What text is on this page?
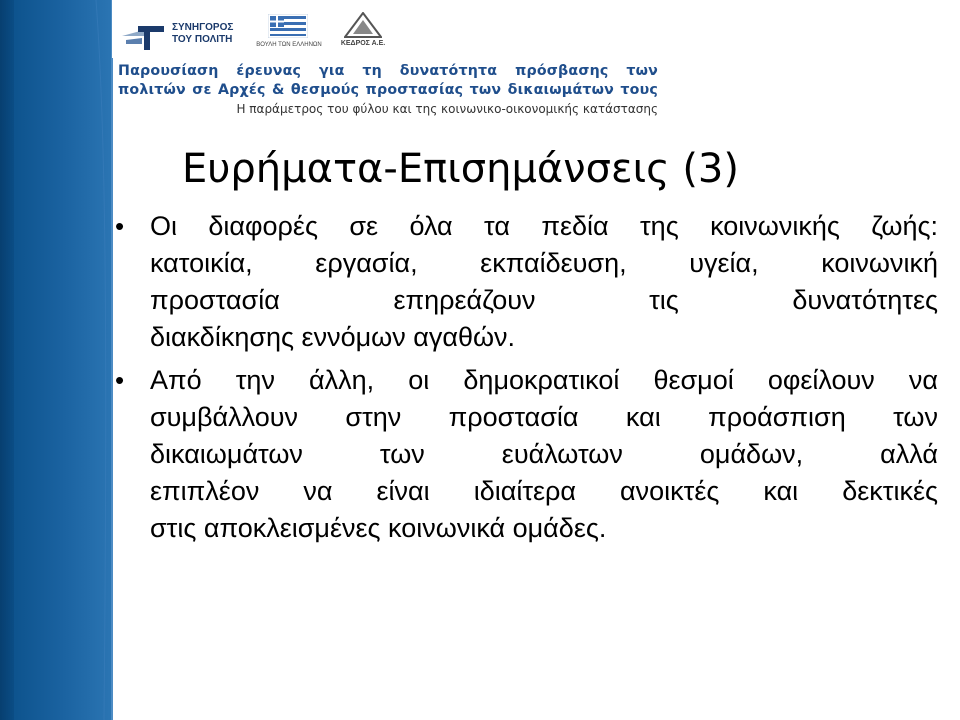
ΣΥΝΗΓΟΡΟΣ
ΤΟΥ ΠΟΛΙΤΗ	ΒΟΥΛΗ ΤΩΝ ΕΛΛΗΝΩΝ	ΚΕΔΡΟΣ Α.Ε.
Παρουσίαση έρευνας για τη δυνατότητα πρόσβασης των
πολιτών σε Αρχές & θεσμούς προστασίας των δικαιωμάτων τους
Η παράμετρος του φύλου και της κοινωνικο-οικονομικής κατάστασης
Ευρήματα-Επισημάνσεις (3)
• Οι διαφορές σε όλα τα πεδία της κοινωνικής ζωής:
κατοικία, εργασία, εκπαίδευση, υγεία, κοινωνική
προστασία επηρεάζουν τις δυνατότητες
διακδίκησης εννόμων αγαθών.
• Από την άλλη, οι δημοκρατικοί θεσμοί οφείλουν να
συμβάλλουν στην προστασία και προάσπιση των
δικαιωμάτων των ευάλωτων ομάδων, αλλά
επιπλέον να είναι ιδιαίτερα ανοικτές και δεκτικές
στις αποκλεισμένες κοινωνικά ομάδες.
